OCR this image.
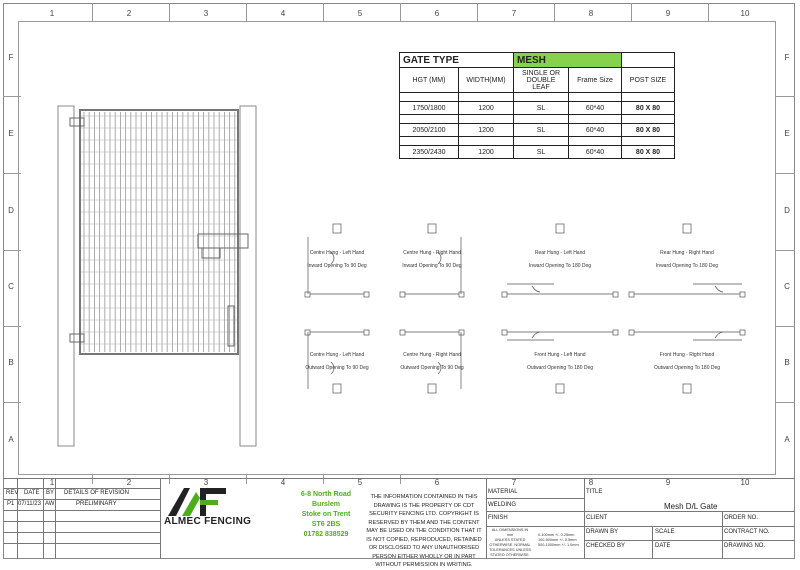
1	2	3	4	5	6	7	8	9	10
1	2	3	4	5	6	7	8	9	10
F
E
D
C
B
A
F
E
D
C
B
A
GATE TYPE		MESH		
HGT (MM)	WIDTH(MM)	SINGLE OR DOUBLE LEAF	Frame Size	POST SIZE

1750/1800	1200	SL	60*40	80 X 80

2050/2100	1200	SL	60*40	80 X 80

2350/2430	1200	SL	60*40	80 X 80
Centre Hung - Left Hand
Inward Opening To 90 Deg
Centre Hung - Right Hand
Inward Opening To 90 Deg
Rear Hung - Left Hand
Inward Opening To 180 Deg
Rear Hung - Right Hand
Inward Opening To 180 Deg
Centre Hung - Left Hand
Outward Opening To 90 Deg
Centre Hung - Right Hand
Outward Opening To 90 Deg
Front Hung - Left Hand
Outward Opening To 180 Deg
Front Hung - Right Hand
Outward Opening To 180 Deg
REV DATE BY DETAILS OF REVISION
P1 07/11/23 AW	PRELIMINARY
ALMEC FENCING
6-8 North Road
Burslem
Stoke on Trent
ST6 2BS
01782 838529
THE INFORMATION CONTAINED IN THIS DRAWING IS THE PROPERTY OF CDT SECURITY FENCING LTD. COPYRIGHT IS RESERVED BY THEM AND THE CONTENT MAY BE USED ON THE CONDITION THAT IT IS NOT COPIED, REPRODUCED, RETAINED OR DISCLOSED TO ANY UNAUTHORISED PERSON EITHER WHOLLY OR IN PART WITHOUT PERMISSION IN WRITING.
MATERIAL
WELDING
FINISH
ALL DIMENSIONS IN mm
UNLESS STATED
OTHERWISE. NORMAL
TOLERANCES UNLESS
STATED OTHERWISE.
0-100mm +/- 0.25mm
100-500mm +/- 0.5mm
500-1000mm +/- 1.0mm
TITLE
Mesh D/L Gate
ORDER NO.
CLIENT
CONTRACT NO.
DRAWN BY	SCALE
CHECKED BY	DATE	DRAWING NO.
